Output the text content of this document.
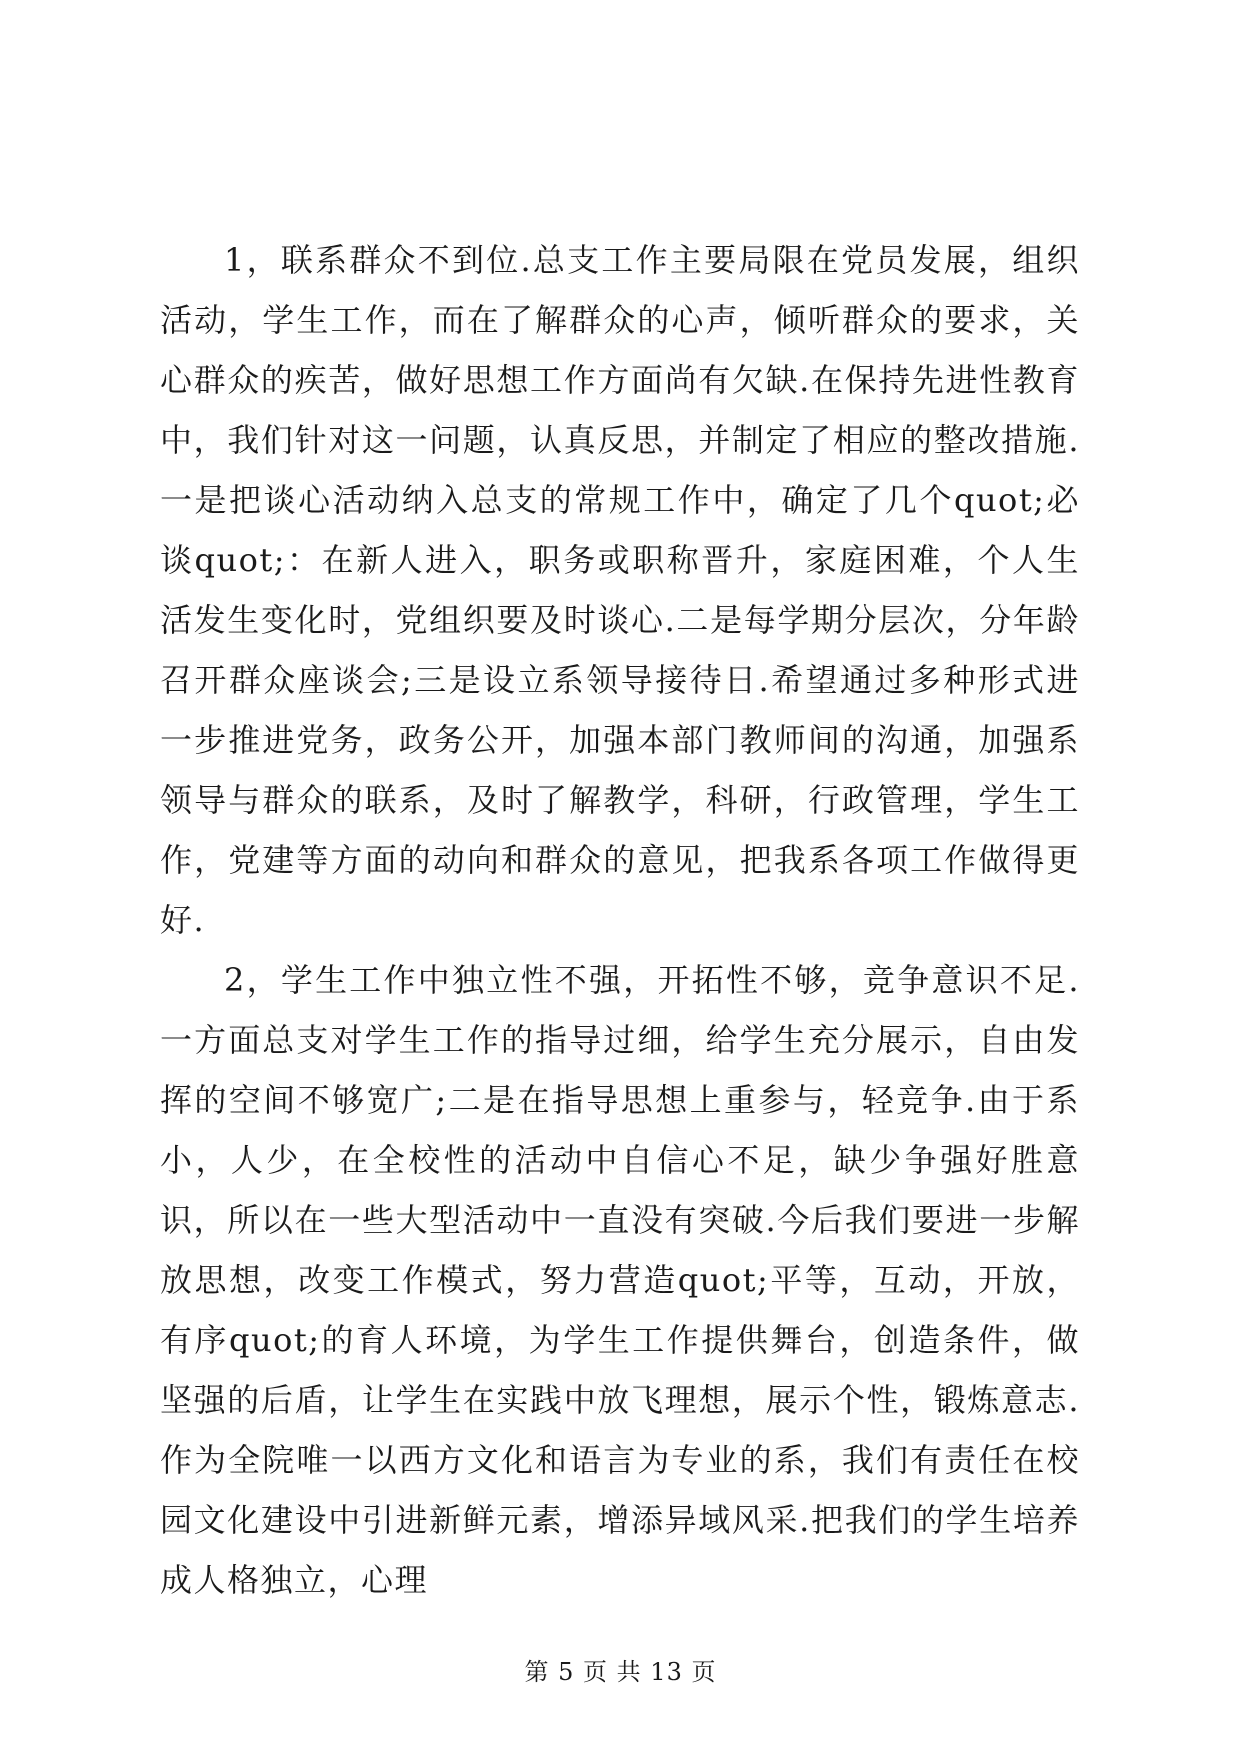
1，联系群众不到位.总支工作主要局限在党员发展，组织活动，学生工作，而在了解群众的心声，倾听群众的要求，关心群众的疾苦，做好思想工作方面尚有欠缺.在保持先进性教育中，我们针对这一问题，认真反思，并制定了相应的整改措施.一是把谈心活动纳入总支的常规工作中，确定了几个quot;必谈quot;：在新人进入，职务或职称晋升，家庭困难，个人生活发生变化时，党组织要及时谈心.二是每学期分层次，分年龄召开群众座谈会;三是设立系领导接待日.希望通过多种形式进一步推进党务，政务公开，加强本部门教师间的沟通，加强系领导与群众的联系，及时了解教学，科研，行政管理，学生工作，党建等方面的动向和群众的意见，把我系各项工作做得更好.

2，学生工作中独立性不强，开拓性不够，竞争意识不足.一方面总支对学生工作的指导过细，给学生充分展示，自由发挥的空间不够宽广;二是在指导思想上重参与，轻竞争.由于系小，人少，在全校性的活动中自信心不足，缺少争强好胜意识，所以在一些大型活动中一直没有突破.今后我们要进一步解放思想，改变工作模式，努力营造quot;平等，互动，开放，有序quot;的育人环境，为学生工作提供舞台，创造条件，做坚强的后盾，让学生在实践中放飞理想，展示个性，锻炼意志.作为全院唯一以西方文化和语言为专业的系，我们有责任在校园文化建设中引进新鲜元素，增添异域风采.把我们的学生培养成人格独立，心理

第 5 页 共 13 页
